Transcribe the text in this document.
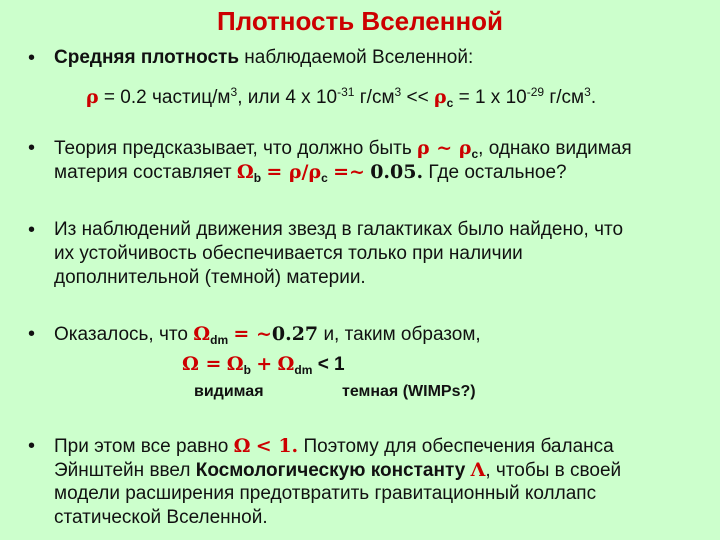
Плотность Вселенной
• Средняя плотность наблюдаемой Вселенной:
ρ = 0.2 частиц/$м^3$, или 4 х $10^{-31}$ $г/см^3 << \rho_c = 1$ х $10^{-29}$ $г/см^3$.
• Теория предсказывает, что должно быть ρ ~ $\rho_c$, однако видимая
материя составляет $\Omega_b = \rho/\rho_c$ =~ 0.05. Где остальное?
• Из наблюдений движения звезд в галактиках было найдено, что
их устойчивость обеспечивается только при наличии
дополнительной (темной) материи.
• Оказалось, что $\Omega_{dm}$ = ~0.27 и, таким образом,
$\Omega = \Omega_b + \Omega_{dm} < 1$
видимая	темная (WIMPs?)
• При этом все равно Ω < 1. Поэтому для обеспечения баланса
Эйнштейн ввел Космологическую константу Λ, чтобы в своей
модели расширения предотвратить гравитационный коллапс
статической Вселенной.
